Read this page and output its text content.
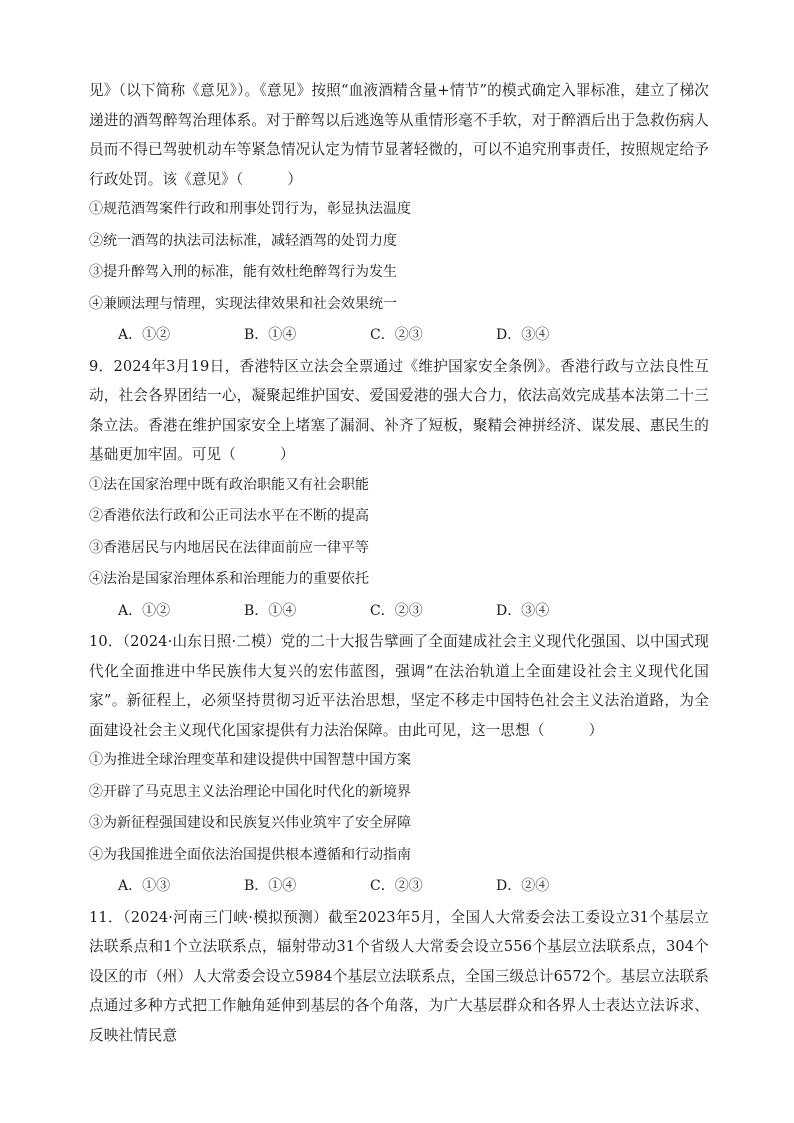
见》（以下简称《意见》）。《意见》按照“血液酒精含量+情节”的模式确定入罪标准，建立了梯次递进的酒驾醉驾治理体系。对于醉驾以后逃逸等从重情形毫不手软，对于醉酒后出于急救伤病人员而不得已驾驶机动车等紧急情况认定为情节显著轻微的，可以不追究刑事责任，按照规定给予行政处罚。该《意见》（　　　）

①规范酒驾案件行政和刑事处罚行为，彰显执法温度

②统一酒驾的执法司法标准，减轻酒驾的处罚力度

③提升醉驾入刑的标准，能有效杜绝醉驾行为发生

④兼顾法理与情理，实现法律效果和社会效果统一

A．①②	B．①④	C．②③	D．③④

9．2024年3月19日，香港特区立法会全票通过《维护国家安全条例》。香港行政与立法良性互动，社会各界团结一心，凝聚起维护国安、爱国爱港的强大合力，依法高效完成基本法第二十三条立法。香港在维护国家安全上堵塞了漏洞、补齐了短板，聚精会神拼经济、谋发展、惠民生的基础更加牢固。可见（　　　）

①法在国家治理中既有政治职能又有社会职能

②香港依法行政和公正司法水平在不断的提高

③香港居民与内地居民在法律面前应一律平等

④法治是国家治理体系和治理能力的重要依托

A．①②	B．①④	C．②③	D．③④

10．（2024·山东日照·二模）党的二十大报告擘画了全面建成社会主义现代化强国、以中国式现代化全面推进中华民族伟大复兴的宏伟蓝图，强调“在法治轨道上全面建设社会主义现代化国家”。新征程上，必须坚持贯彻习近平法治思想，坚定不移走中国特色社会主义法治道路，为全面建设社会主义现代化国家提供有力法治保障。由此可见，这一思想（　　　）

①为推进全球治理变革和建设提供中国智慧中国方案

②开辟了马克思主义法治理论中国化时代化的新境界

③为新征程强国建设和民族复兴伟业筑牢了安全屏障

④为我国推进全面依法治国提供根本遵循和行动指南

A．①③	B．①④	C．②③	D．②④

11．（2024·河南三门峡·模拟预测）截至2023年5月，全国人大常委会法工委设立31个基层立法联系点和1个立法联系点，辐射带动31个省级人大常委会设立556个基层立法联系点，304个设区的市（州）人大常委会设立5984个基层立法联系点，全国三级总计6572个。基层立法联系点通过多种方式把工作触角延伸到基层的各个角落，为广大基层群众和各界人士表达立法诉求、反映社情民意
